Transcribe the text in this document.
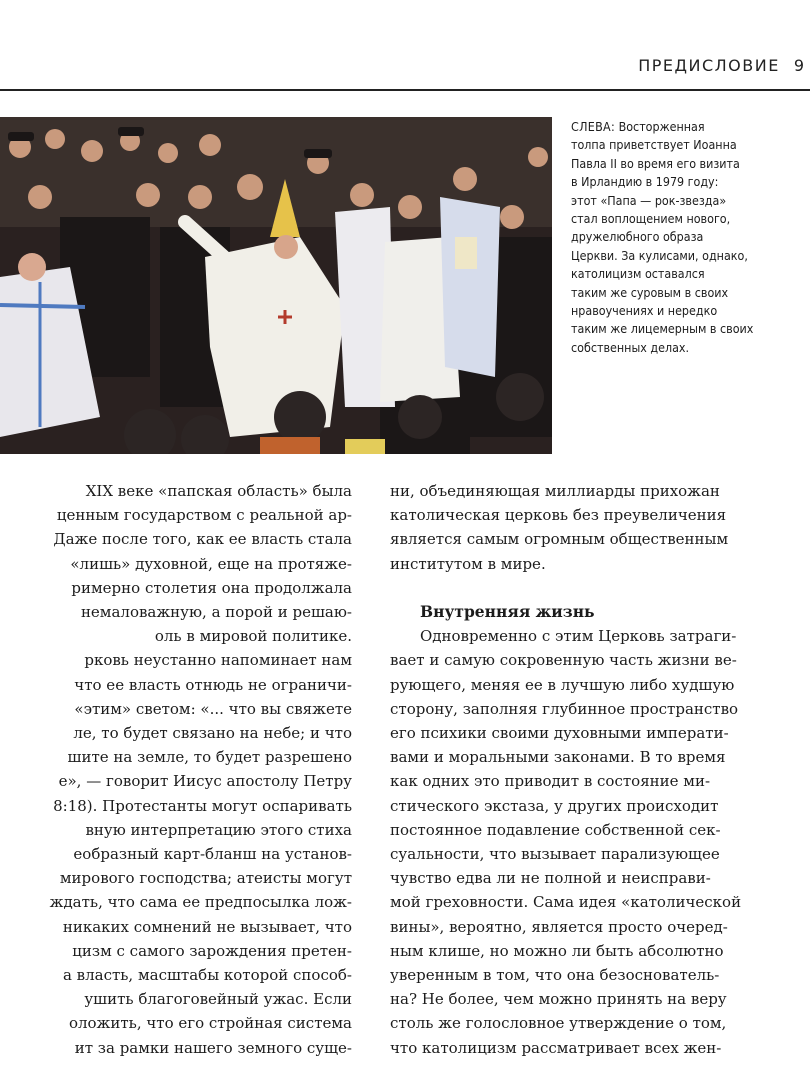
ПРЕДИСЛОВИЕ 9

СЛЕВА: Восторженная

толпа приветствует Иоанна

Павла II во время его визита

в Ирландию в 1979 году:

этот «Папа — рок-звезда»

стал воплощением нового,

дружелюбного образа

Церкви. За кулисами, однако,

католицизм оставался

таким же суровым в своих

нравоучениях и нередко

таким же лицемерным в своих

собственных делах.

XIX веке «папская область» была

ценным государством с реальной ар-

Даже после того, как ее власть стала

«лишь» духовной, еще на протяже-

римерно столетия она продолжала

немаловажную, а порой и решаю-

оль в мировой политике.

рковь неустанно напоминает нам

что ее власть отнюдь не ограничи-

«этим» светом: «... что вы свяжете

ле, то будет связано на небе; и что

шите на земле, то будет разрешено

е», — говорит Иисус апостолу Петру

8:18). Протестанты могут оспаривать

вную интерпретацию этого стиха

еобразный карт-бланш на установ-

мирового господства; атеисты могут

ждать, что сама ее предпосылка лож-

никаких сомнений не вызывает, что

цизм с самого зарождения претен-

а власть, масштабы которой способ-

ушить благоговейный ужас. Если

оложить, что его стройная система

ит за рамки нашего земного суще-

ни, объединяющая миллиарды прихожан

католическая церковь без преувеличения

является самым огромным общественным

институтом в мире.

Внутренняя жизнь

Одновременно с этим Церковь затраги-

вает и самую сокровенную часть жизни ве-

рующего, меняя ее в лучшую либо худшую

сторону, заполняя глубинное пространство

его психики своими духовными императи-

вами и моральными законами. В то время

как одних это приводит в состояние ми-

стического экстаза, у других происходит

постоянное подавление собственной сек-

суальности, что вызывает парализующее

чувство едва ли не полной и неисправи-

мой греховности. Сама идея «католической

вины», вероятно, является просто очеред-

ным клише, но можно ли быть абсолютно

уверенным в том, что она безоснователь-

на? Не более, чем можно принять на веру

столь же голословное утверждение о том,

что католицизм рассматривает всех жен-
